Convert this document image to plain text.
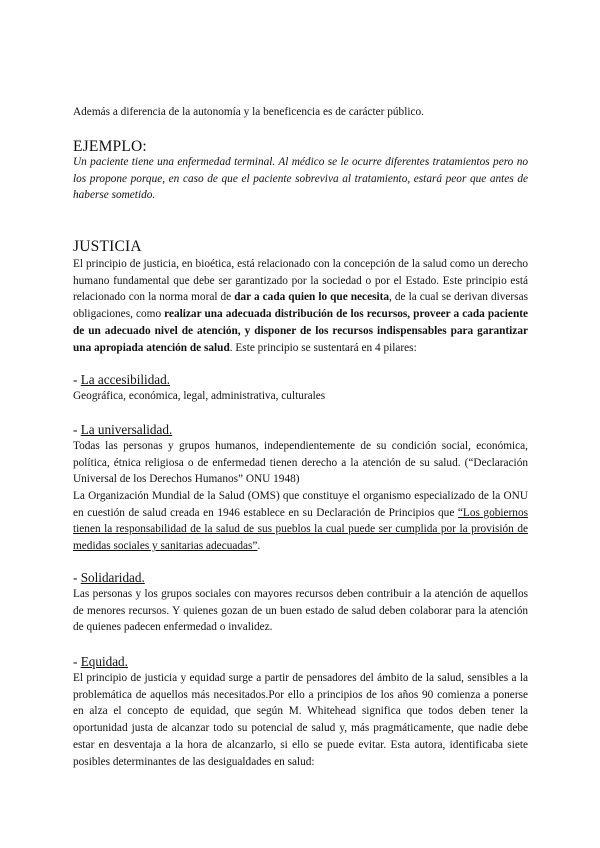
Además a diferencia de la autonomía y la beneficencia es de carácter público.

EJEMPLO:

Un paciente tiene una enfermedad terminal. Al médico se le ocurre diferentes tratamientos pero no los propone porque, en caso de que el paciente sobreviva al tratamiento, estará peor que antes de haberse sometido.

JUSTICIA

El principio de justicia, en bioética, está relacionado con la concepción de la salud como un derecho humano fundamental que debe ser garantizado por la sociedad o por el Estado. Este principio está relacionado con la norma moral de dar a cada quien lo que necesita, de la cual se derivan diversas obligaciones, como realizar una adecuada distribución de los recursos, proveer a cada paciente de un adecuado nivel de atención, y disponer de los recursos indispensables para garantizar una apropiada atención de salud. Este principio se sustentará en 4 pilares:

- La accesibilidad.

Geográfica, económica, legal, administrativa, culturales

- La universalidad.

Todas las personas y grupos humanos, independientemente de su condición social, económica, política, étnica religiosa o de enfermedad tienen derecho a la atención de su salud. (“Declaración Universal de los Derechos Humanos” ONU 1948)

La Organización Mundial de la Salud (OMS) que constituye el organismo especializado de la ONU en cuestión de salud creada en 1946 establece en su Declaración de Principios que “Los gobiernos tienen la responsabilidad de la salud de sus pueblos la cual puede ser cumplida por la provisión de medidas sociales y sanitarias adecuadas”.

- Solidaridad.

Las personas y los grupos sociales con mayores recursos deben contribuir a la atención de aquellos de menores recursos. Y quienes gozan de un buen estado de salud deben colaborar para la atención de quienes padecen enfermedad o invalidez.

- Equidad.

El principio de justicia y equidad surge a partir de pensadores del ámbito de la salud, sensibles a la problemática de aquellos más necesitados.Por ello a principios de los años 90 comienza a ponerse en alza el concepto de equidad, que según M. Whitehead significa que todos deben tener la oportunidad justa de alcanzar todo su potencial de salud y, más pragmáticamente, que nadie debe estar en desventaja a la hora de alcanzarlo, si ello se puede evitar. Esta autora, identificaba siete posibles determinantes de las desigualdades en salud:
